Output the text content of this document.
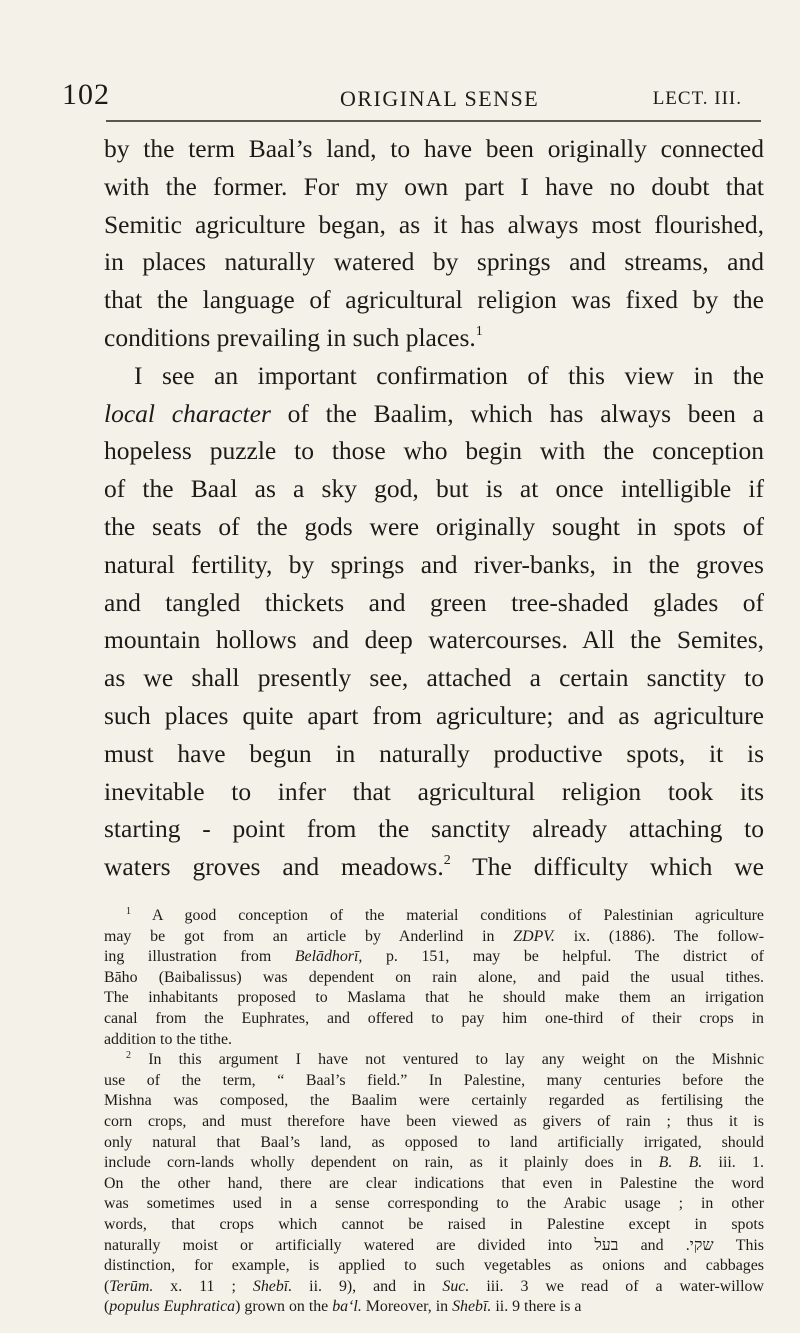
102	ORIGINAL SENSE	LECT. III.
by the term Baal’s land, to have been originally connected
with the former. For my own part I have no doubt that
Semitic agriculture began, as it has always most flourished,
in places naturally watered by springs and streams, and
that the language of agricultural religion was fixed by the
conditions prevailing in such places.$^1$
I see an important confirmation of this view in the
local character of the Baalim, which has always been a
hopeless puzzle to those who begin with the conception
of the Baal as a sky god, but is at once intelligible if
the seats of the gods were originally sought in spots of
natural fertility, by springs and river-banks, in the groves
and tangled thickets and green tree-shaded glades of
mountain hollows and deep watercourses. All the Semites,
as we shall presently see, attached a certain sanctity to
such places quite apart from agriculture; and as agriculture
must have begun in naturally productive spots, it is
inevitable to infer that agricultural religion took its
starting - point from the sanctity already attaching to
waters groves and meadows.$^2$ The difficulty which we
$^1$ A good conception of the material conditions of Palestinian agriculture
may be got from an article by Anderlind in ZDPV. ix. (1886). The follow-
ing illustration from Belādhorī, p. 151, may be helpful. The district of
Bāho (Baibalissus) was dependent on rain alone, and paid the usual tithes.
The inhabitants proposed to Maslama that he should make them an irrigation
canal from the Euphrates, and offered to pay him one-third of their crops in
addition to the tithe.
$^2$ In this argument I have not ventured to lay any weight on the Mishnic
use of the term, “ Baal’s field.” In Palestine, many centuries before the
Mishna was composed, the Baalim were certainly regarded as fertilising the
corn crops, and must therefore have been viewed as givers of rain ; thus it is
only natural that Baal’s land, as opposed to land artificially irrigated, should
include corn-lands wholly dependent on rain, as it plainly does in B. B. iii. 1.
On the other hand, there are clear indications that even in Palestine the word
was sometimes used in a sense corresponding to the Arabic usage ; in other
words, that crops which cannot be raised in Palestine except in spots
naturally moist or artificially watered are divided into בעל and שקי. This
distinction, for example, is applied to such vegetables as onions and cabbages
(Terūm. x. 11 ; Shebī. ii. 9), and in Suc. iii. 3 we read of a water-willow
(populus Euphratica) grown on the ba‘l. Moreover, in Shebī. ii. 9 there is a
